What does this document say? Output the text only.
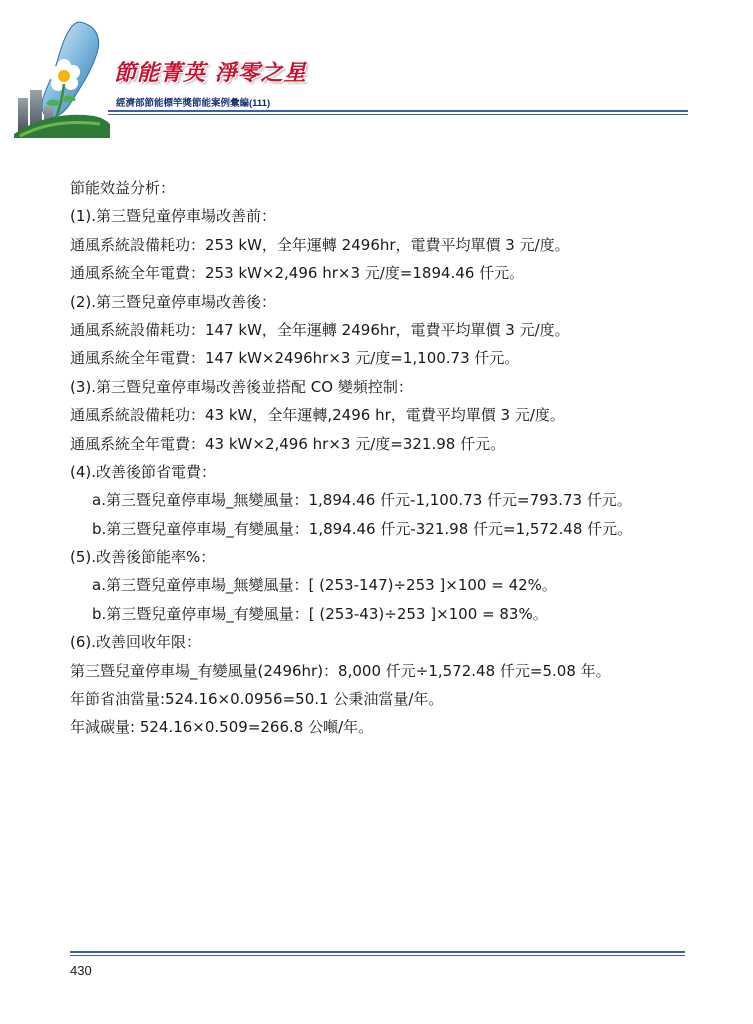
節能菁英 淨零之星
經濟部節能標竿獎節能案例彙編(111)
節能效益分析：
(1).第三暨兒童停車場改善前：
通風系統設備耗功：253 kW，全年運轉 2496hr，電費平均單價 3 元/度。
通風系統全年電費：253 kW×2,496 hr×3 元/度=1894.46 仟元。
(2).第三暨兒童停車場改善後：
通風系統設備耗功：147 kW，全年運轉 2496hr，電費平均單價 3 元/度。
通風系統全年電費：147 kW×2496hr×3 元/度=1,100.73 仟元。
(3).第三暨兒童停車場改善後並搭配 CO 變頻控制：
通風系統設備耗功：43 kW，全年運轉,2496 hr，電費平均單價 3 元/度。
通風系統全年電費：43 kW×2,496 hr×3 元/度=321.98 仟元。
(4).改善後節省電費：
a.第三暨兒童停車場_無變風量：1,894.46 仟元-1,100.73 仟元=793.73 仟元。
b.第三暨兒童停車場_有變風量：1,894.46 仟元-321.98 仟元=1,572.48 仟元。
(5).改善後節能率%：
a.第三暨兒童停車場_無變風量：[ (253-147)÷253 ]×100 = 42%。
b.第三暨兒童停車場_有變風量：[ (253-43)÷253 ]×100 = 83%。
(6).改善回收年限：
第三暨兒童停車場_有變風量(2496hr)：8,000 仟元÷1,572.48 仟元=5.08 年。
年節省油當量:524.16×0.0956=50.1 公秉油當量/年。
年減碳量: 524.16×0.509=266.8 公噸/年。
430
